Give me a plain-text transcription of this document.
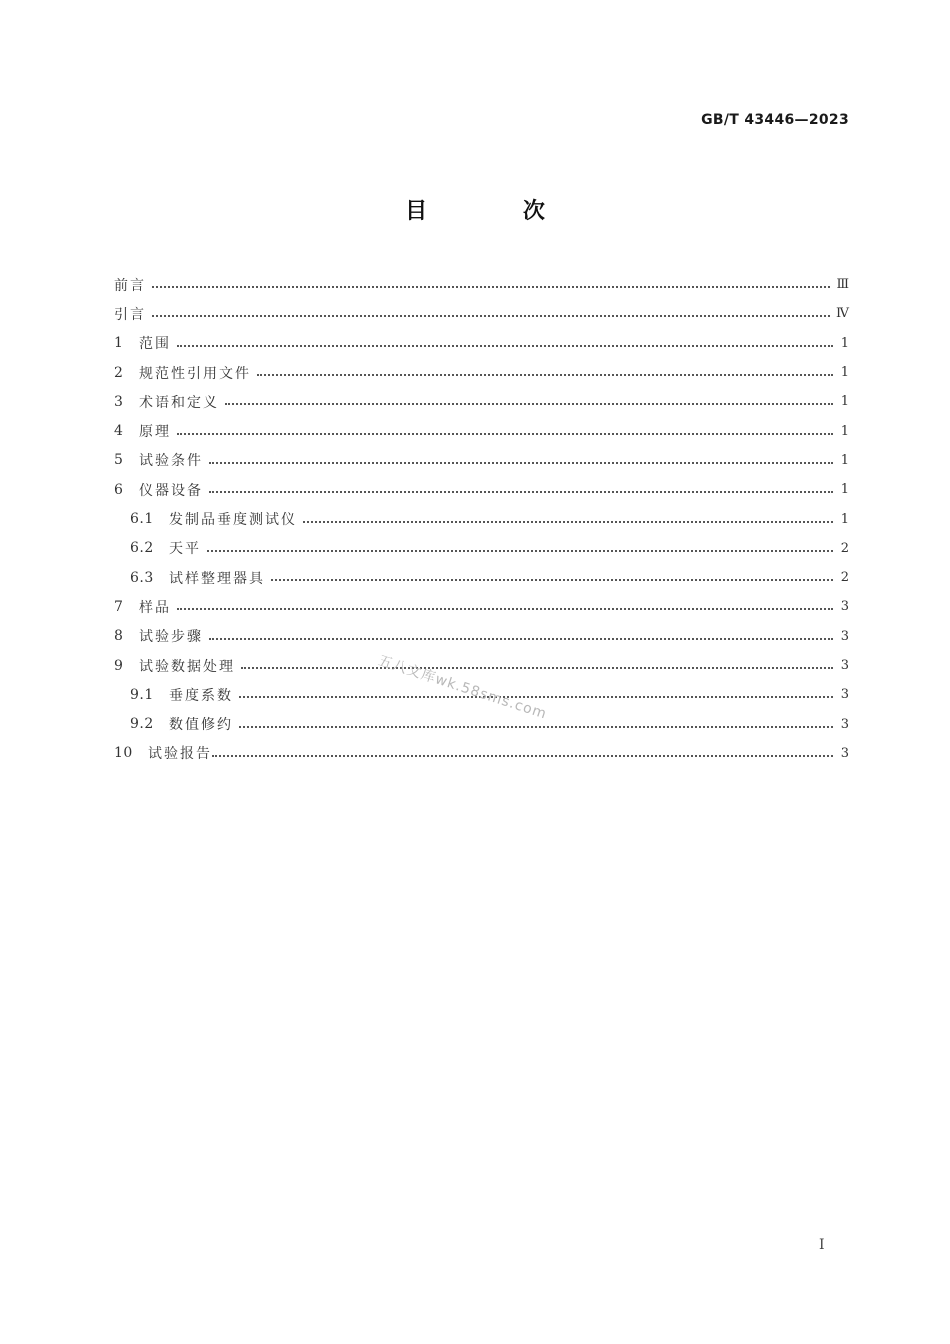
GB/T 43446—2023
目 次
前言	Ⅲ
引言	Ⅳ
1	范围	1
2	规范性引用文件	1
3	术语和定义	1
4	原理	1
5	试验条件	1
6	仪器设备	1
6.1	发制品垂度测试仪	1
6.2	天平	2
6.3	试样整理器具	2
7	样品	3
8	试验步骤	3
9	试验数据处理	3
9.1	垂度系数	3
9.2	数值修约	3
10	试验报告	3
五八文库wk.58sms.com
I
